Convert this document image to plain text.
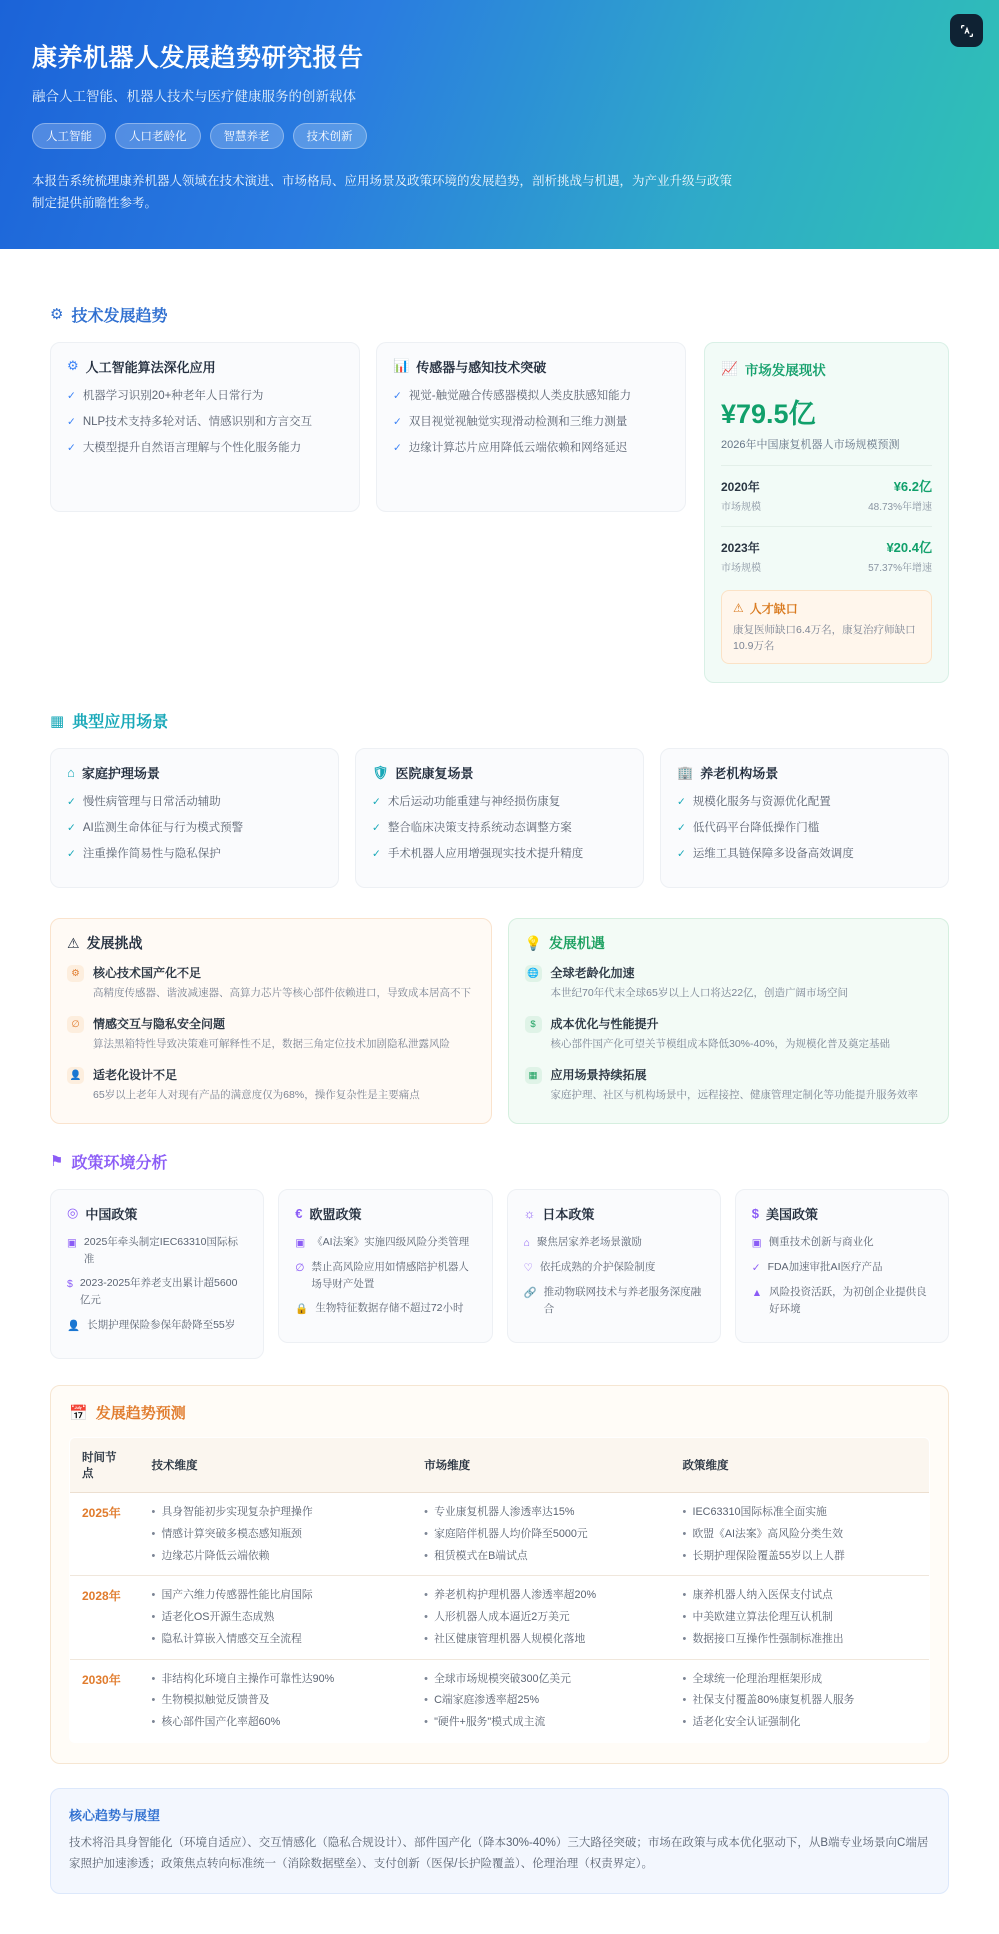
康养机器人发展趋势研究报告
融合人工智能、机器人技术与医疗健康服务的创新载体
人工智能	人口老龄化	智慧养老	技术创新
本报告系统梳理康养机器人领域在技术演进、市场格局、应用场景及政策环境的发展趋势，剖析挑战与机遇，为产业升级与政策制定提供前瞻性参考。
⚙ 技术发展趋势
⚙ 人工智能算法深化应用
✓ 机器学习识别20+种老年人日常行为
✓ NLP技术支持多轮对话、情感识别和方言交互
✓ 大模型提升自然语言理解与个性化服务能力
📊 传感器与感知技术突破
✓ 视觉-触觉融合传感器模拟人类皮肤感知能力
✓ 双目视觉视触觉实现滑动检测和三维力测量
✓ 边缘计算芯片应用降低云端依赖和网络延迟
📈 市场发展现状
¥79.5亿
2026年中国康复机器人市场规模预测
2020年	¥6.2亿
市场规模	48.73%年增速
2023年	¥20.4亿
市场规模	57.37%年增速
⚠ 人才缺口
康复医师缺口6.4万名，康复治疗师缺口10.9万名
▦ 典型应用场景
⌂ 家庭护理场景
✓ 慢性病管理与日常活动辅助
✓ AI监测生命体征与行为模式预警
✓ 注重操作简易性与隐私保护
🛡 医院康复场景
✓ 术后运动功能重建与神经损伤康复
✓ 整合临床决策支持系统动态调整方案
✓ 手术机器人应用增强现实技术提升精度
🏢 养老机构场景
✓ 规模化服务与资源优化配置
✓ 低代码平台降低操作门槛
✓ 运维工具链保障多设备高效调度
⚠ 发展挑战
⚙	核心技术国产化不足
高精度传感器、谐波减速器、高算力芯片等核心部件依赖进口，导致成本居高不下
∅	情感交互与隐私安全问题
算法黑箱特性导致决策难可解释性不足，数据三角定位技术加剧隐私泄露风险
👤 适老化设计不足
65岁以上老年人对现有产品的满意度仅为68%，操作复杂性是主要痛点
💡 发展机遇
🌐 全球老龄化加速
本世纪70年代末全球65岁以上人口将达22亿，创造广阔市场空间
$	成本优化与性能提升
核心部件国产化可望关节模组成本降低30%-40%，为规模化普及奠定基础
▦	应用场景持续拓展
家庭护理、社区与机构场景中，远程接控、健康管理定制化等功能提升服务效率
⚑ 政策环境分析
◎ 中国政策
▣ 2025年牵头制定IEC63310国际标准
$ 2023-2025年养老支出累计超5600亿元
👤 长期护理保险参保年龄降至55岁
€ 欧盟政策
▣ 《AI法案》实施四级风险分类管理
∅ 禁止高风险应用如情感陪护机器人场导财产处置
🔒 生物特征数据存储不超过72小时
☼ 日本政策
⌂ 聚焦居家养老场景激励
♡ 依托成熟的介护保险制度
🔗 推动物联网技术与养老服务深度融合
$ 美国政策
▣ 侧重技术创新与商业化
✓ FDA加速审批AI医疗产品
▲ 风险投资活跃，为初创企业提供良好环境
📅 发展趋势预测
时间节点	技术维度	市场维度	政策维度
2025年	
•具身智能初步实现复杂护理操作
• 情感计算突破多模态感知瓶颈
• 边缘芯片降低云端依赖

• 专业康复机器人渗透率达15%
• 家庭陪伴机器人均价降至5000元
• 租赁模式在B端试点

• IEC63310国际标准全面实施
• 欧盟《AI法案》高风险分类生效
• 长期护理保险覆盖55岁以上人群

2028年	
•国产六维力传感器性能比肩国际
• 适老化OS开源生态成熟
• 隐私计算嵌入情感交互全流程

• 养老机构护理机器人渗透率超20%
• 人形机器人成本逼近2万美元
• 社区健康管理机器人规模化落地

• 康养机器人纳入医保支付试点
• 中美欧建立算法伦理互认机制
• 数据接口互操作性强制标准推出

2030年	
•非结构化环境自主操作可靠性达90%
• 生物模拟触觉反馈普及
• 核心部件国产化率超60%

• 全球市场规模突破300亿美元
• C端家庭渗透率超25%
• "硬件+服务"模式成主流

• 全球统一伦理治理框架形成
• 社保支付覆盖80%康复机器人服务
• 适老化安全认证强制化
核心趋势与展望
技术将沿具身智能化（环境自适应）、交互情感化（隐私合规设计）、部件国产化（降本30%-40%）三大路径突破；市场在政策与成本优化驱动下，从B端专业场景向C端居家照护加速渗透；政策焦点转向标准统一（消除数据壁垒）、支付创新（医保/长护险覆盖）、伦理治理（权责界定）。
